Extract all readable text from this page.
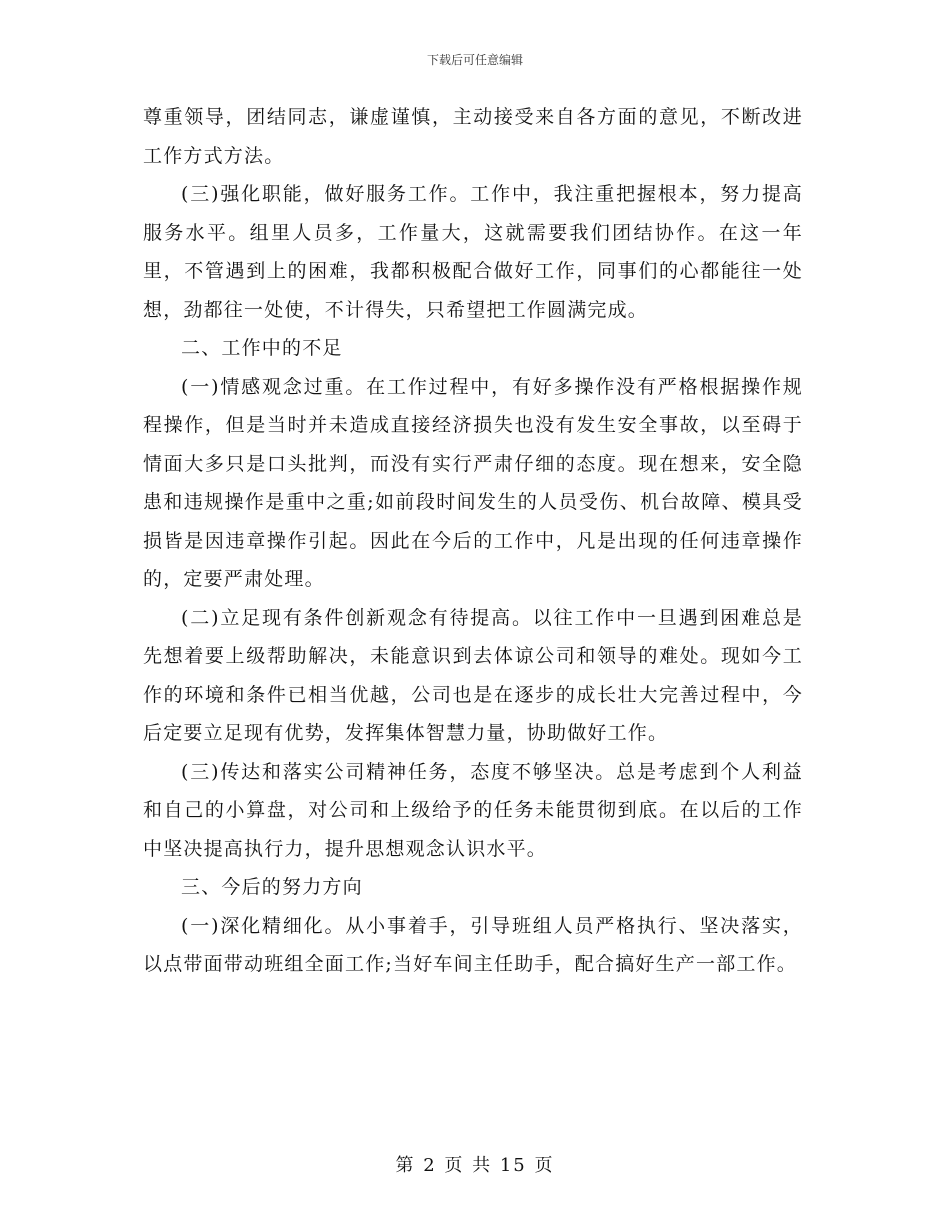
下载后可任意编辑

尊重领导，团结同志，谦虚谨慎，主动接受来自各方面的意见，不断改进工作方式方法。

(三)强化职能，做好服务工作。工作中，我注重把握根本，努力提高服务水平。组里人员多，工作量大，这就需要我们团结协作。在这一年里，不管遇到上的困难，我都积极配合做好工作，同事们的心都能往一处想，劲都往一处使，不计得失，只希望把工作圆满完成。

二、工作中的不足

(一)情感观念过重。在工作过程中，有好多操作没有严格根据操作规程操作，但是当时并未造成直接经济损失也没有发生安全事故，以至碍于情面大多只是口头批判，而没有实行严肃仔细的态度。现在想来，安全隐患和违规操作是重中之重;如前段时间发生的人员受伤、机台故障、模具受损皆是因违章操作引起。因此在今后的工作中，凡是出现的任何违章操作的，定要严肃处理。

(二)立足现有条件创新观念有待提高。以往工作中一旦遇到困难总是先想着要上级帮助解决，未能意识到去体谅公司和领导的难处。现如今工作的环境和条件已相当优越，公司也是在逐步的成长壮大完善过程中，今后定要立足现有优势，发挥集体智慧力量，协助做好工作。

(三)传达和落实公司精神任务，态度不够坚决。总是考虑到个人利益和自己的小算盘，对公司和上级给予的任务未能贯彻到底。在以后的工作中坚决提高执行力，提升思想观念认识水平。

三、今后的努力方向

(一)深化精细化。从小事着手，引导班组人员严格执行、坚决落实，以点带面带动班组全面工作;当好车间主任助手，配合搞好生产一部工作。

第 2 页 共 15 页
